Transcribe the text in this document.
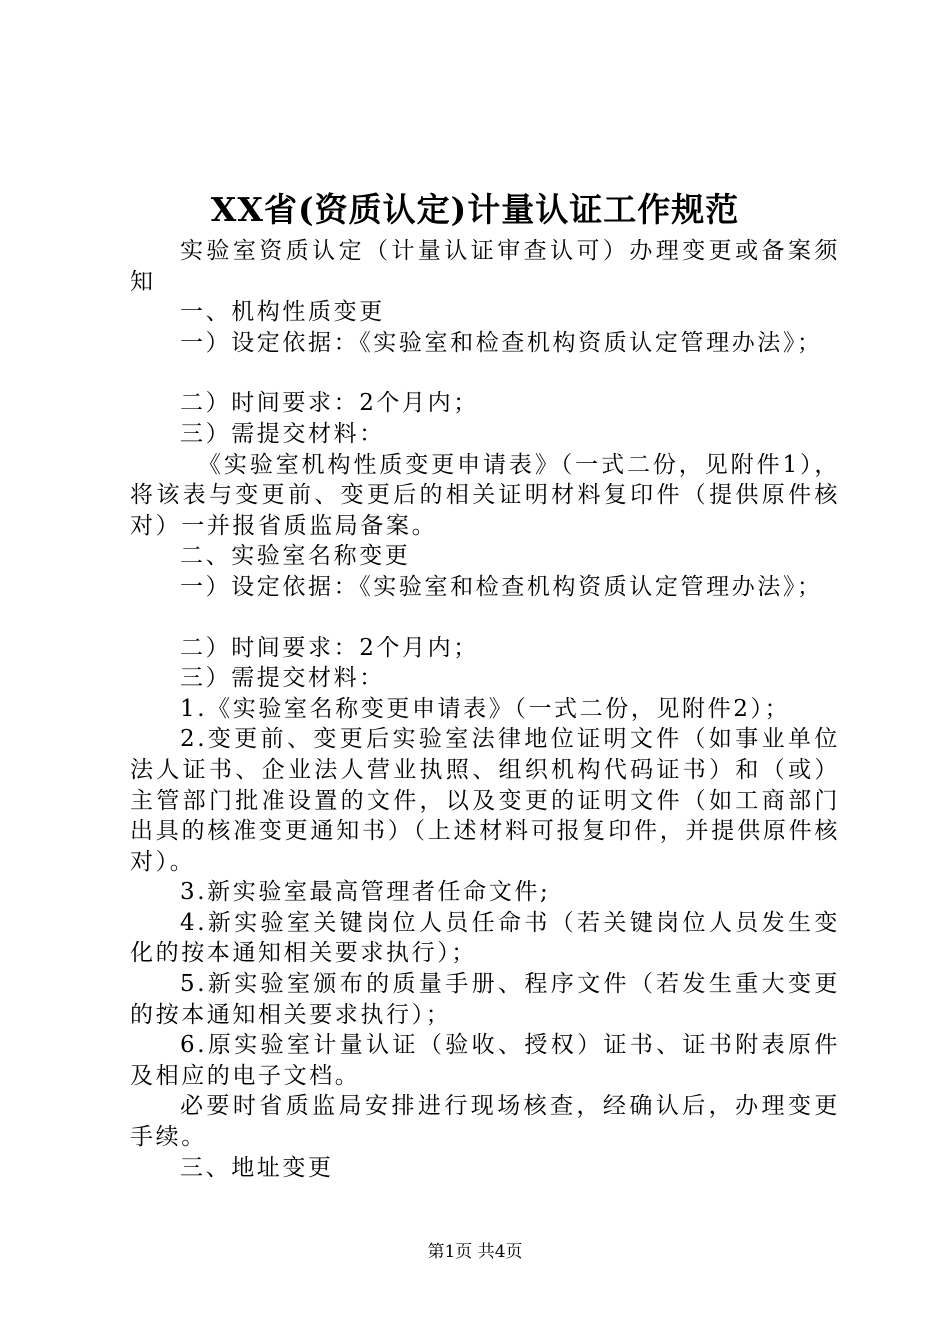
XX省(资质认定)计量认证工作规范

实验室资质认定（计量认证审查认可）办理变更或备案须知

一、机构性质变更

一）设定依据：《实验室和检查机构资质认定管理办法》；

二）时间要求：2个月内；

三）需提交材料：

《实验室机构性质变更申请表》（一式二份，见附件1），将该表与变更前、变更后的相关证明材料复印件（提供原件核对）一并报省质监局备案。

二、实验室名称变更

一）设定依据：《实验室和检查机构资质认定管理办法》；

二）时间要求：2个月内；

三）需提交材料：

1.《实验室名称变更申请表》（一式二份，见附件2）；

2.变更前、变更后实验室法律地位证明文件（如事业单位法人证书、企业法人营业执照、组织机构代码证书）和（或）主管部门批准设置的文件，以及变更的证明文件（如工商部门出具的核准变更通知书）（上述材料可报复印件，并提供原件核对）。

3.新实验室最高管理者任命文件;

4.新实验室关键岗位人员任命书（若关键岗位人员发生变化的按本通知相关要求执行）；

5.新实验室颁布的质量手册、程序文件（若发生重大变更的按本通知相关要求执行）；

6.原实验室计量认证（验收、授权）证书、证书附表原件及相应的电子文档。

必要时省质监局安排进行现场核查，经确认后，办理变更手续。

三、地址变更

第1页 共4页
